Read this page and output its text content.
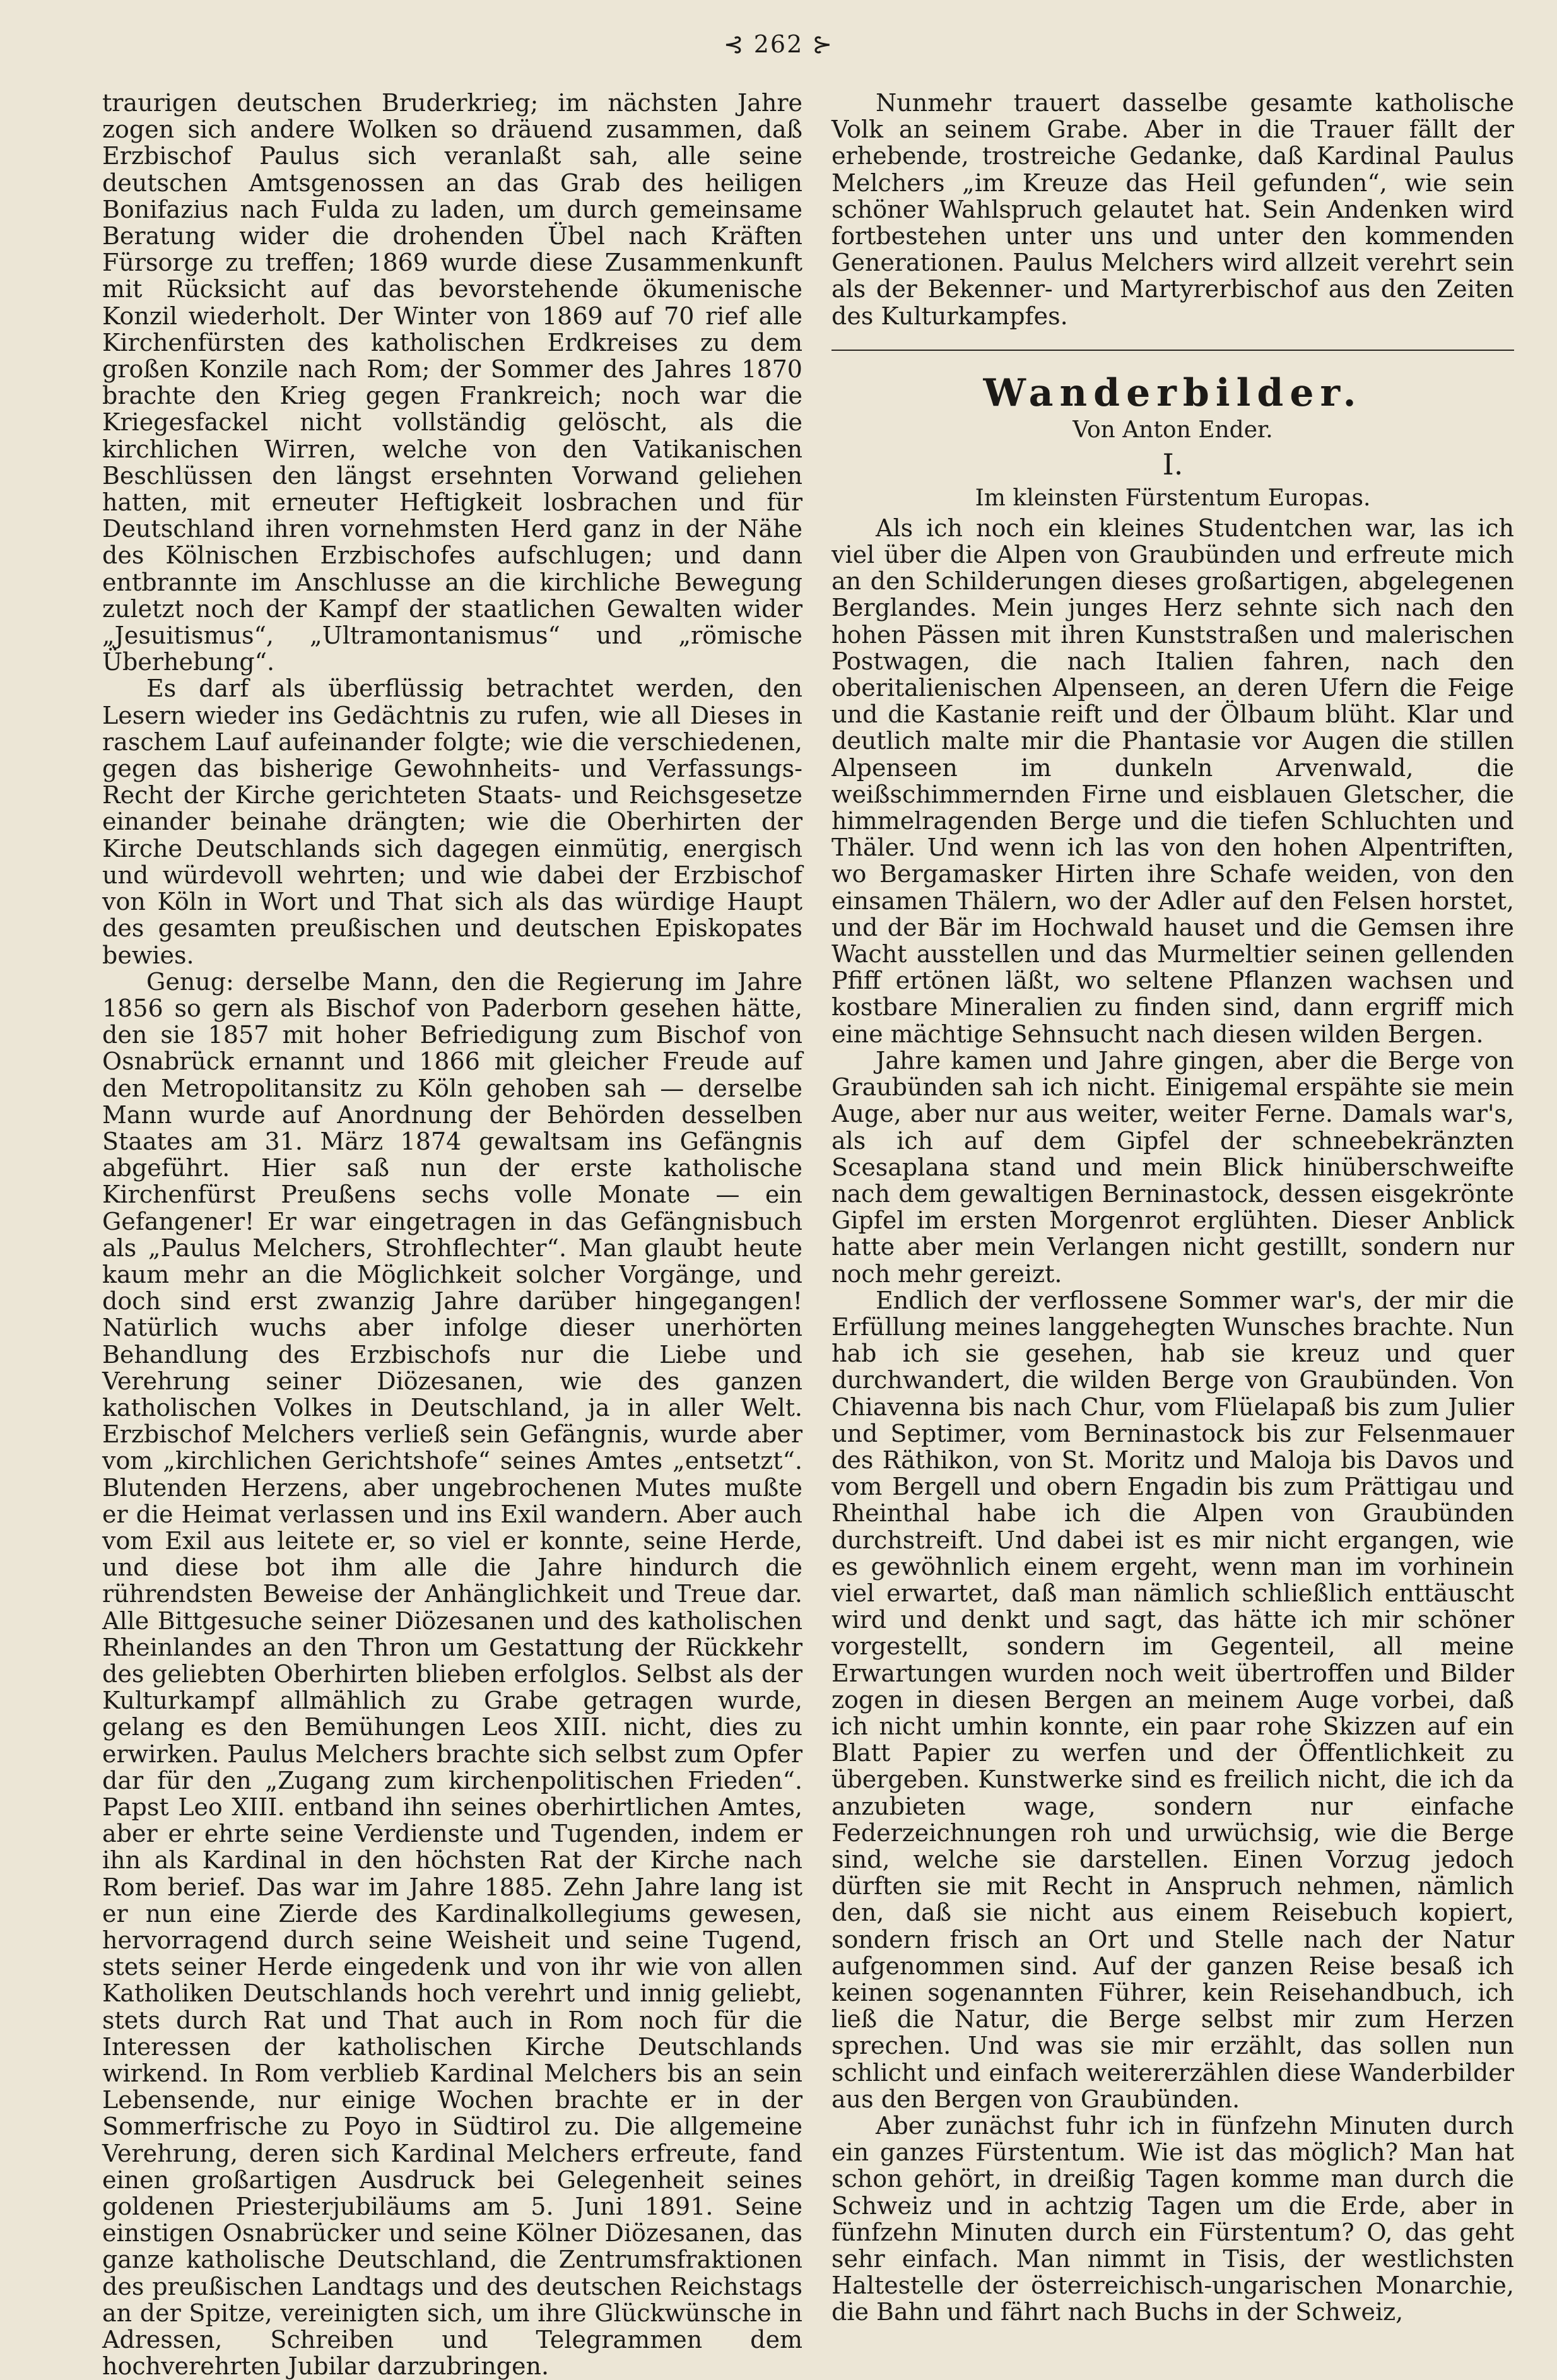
⊰ 262 ⊱

traurigen deutschen Bruderkrieg; im nächsten Jahre zogen sich andere Wolken so dräuend zusammen, daß Erzbischof Paulus sich veranlaßt sah, alle seine deutschen Amtsgenossen an das Grab des heiligen Bonifazius nach Fulda zu laden, um durch gemeinsame Beratung wider die drohenden Übel nach Kräften Fürsorge zu treffen; 1869 wurde diese Zusammenkunft mit Rücksicht auf das bevorstehende ökumenische Konzil wiederholt. Der Winter von 1869 auf 70 rief alle Kirchenfürsten des katholischen Erdkreises zu dem großen Konzile nach Rom; der Sommer des Jahres 1870 brachte den Krieg gegen Frankreich; noch war die Kriegesfackel nicht vollständig gelöscht, als die kirchlichen Wirren, welche von den Vatikanischen Beschlüssen den längst ersehnten Vorwand geliehen hatten, mit erneuter Heftigkeit losbrachen und für Deutschland ihren vornehmsten Herd ganz in der Nähe des Kölnischen Erzbischofes aufschlugen; und dann entbrannte im Anschlusse an die kirchliche Bewegung zuletzt noch der Kampf der staatlichen Gewalten wider „Jesuitismus“, „Ultramontanismus“ und „römische Überhebung“.

Es darf als überflüssig betrachtet werden, den Lesern wieder ins Gedächtnis zu rufen, wie all Dieses in raschem Lauf aufeinander folgte; wie die verschiedenen, gegen das bisherige Gewohnheits- und Verfassungs-Recht der Kirche gerichteten Staats- und Reichsgesetze einander beinahe drängten; wie die Oberhirten der Kirche Deutschlands sich dagegen einmütig, energisch und würdevoll wehrten; und wie dabei der Erzbischof von Köln in Wort und That sich als das würdige Haupt des gesamten preußischen und deutschen Episkopates bewies.

Genug: derselbe Mann, den die Regierung im Jahre 1856 so gern als Bischof von Paderborn gesehen hätte, den sie 1857 mit hoher Befriedigung zum Bischof von Osnabrück ernannt und 1866 mit gleicher Freude auf den Metropolitansitz zu Köln gehoben sah — derselbe Mann wurde auf Anordnung der Behörden desselben Staates am 31. März 1874 gewaltsam ins Gefängnis abgeführt. Hier saß nun der erste katholische Kirchenfürst Preußens sechs volle Monate — ein Gefangener! Er war eingetragen in das Gefängnisbuch als „Paulus Melchers, Strohflechter“. Man glaubt heute kaum mehr an die Möglichkeit solcher Vorgänge, und doch sind erst zwanzig Jahre darüber hingegangen! Natürlich wuchs aber infolge dieser unerhörten Behandlung des Erzbischofs nur die Liebe und Verehrung seiner Diözesanen, wie des ganzen katholischen Volkes in Deutschland, ja in aller Welt. Erzbischof Melchers verließ sein Gefängnis, wurde aber vom „kirchlichen Gerichtshofe“ seines Amtes „entsetzt“. Blutenden Herzens, aber ungebrochenen Mutes mußte er die Heimat verlassen und ins Exil wandern. Aber auch vom Exil aus leitete er, so viel er konnte, seine Herde, und diese bot ihm alle die Jahre hindurch die rührendsten Beweise der Anhänglichkeit und Treue dar. Alle Bittgesuche seiner Diözesanen und des katholischen Rheinlandes an den Thron um Gestattung der Rückkehr des geliebten Oberhirten blieben erfolglos. Selbst als der Kulturkampf allmählich zu Grabe getragen wurde, gelang es den Bemühungen Leos XIII. nicht, dies zu erwirken. Paulus Melchers brachte sich selbst zum Opfer dar für den „Zugang zum kirchenpolitischen Frieden“. Papst Leo XIII. entband ihn seines oberhirtlichen Amtes, aber er ehrte seine Verdienste und Tugenden, indem er ihn als Kardinal in den höchsten Rat der Kirche nach Rom berief. Das war im Jahre 1885. Zehn Jahre lang ist er nun eine Zierde des Kardinalkollegiums gewesen, hervorragend durch seine Weisheit und seine Tugend, stets seiner Herde eingedenk und von ihr wie von allen Katholiken Deutschlands hoch verehrt und innig geliebt, stets durch Rat und That auch in Rom noch für die Interessen der katholischen Kirche Deutschlands wirkend. In Rom verblieb Kardinal Melchers bis an sein Lebensende, nur einige Wochen brachte er in der Sommerfrische zu Poyo in Südtirol zu. Die allgemeine Verehrung, deren sich Kardinal Melchers erfreute, fand einen großartigen Ausdruck bei Gelegenheit seines goldenen Priesterjubiläums am 5. Juni 1891. Seine einstigen Osnabrücker und seine Kölner Diözesanen, das ganze katholische Deutschland, die Zentrumsfraktionen des preußischen Landtags und des deutschen Reichstags an der Spitze, vereinigten sich, um ihre Glückwünsche in Adressen, Schreiben und Telegrammen dem hochverehrten Jubilar darzubringen.

Nunmehr trauert dasselbe gesamte katholische Volk an seinem Grabe. Aber in die Trauer fällt der erhebende, trostreiche Gedanke, daß Kardinal Paulus Melchers „im Kreuze das Heil gefunden“, wie sein schöner Wahlspruch gelautet hat. Sein Andenken wird fortbestehen unter uns und unter den kommenden Generationen. Paulus Melchers wird allzeit verehrt sein als der Bekenner- und Martyrerbischof aus den Zeiten des Kulturkampfes.

Wanderbilder.
Von Anton Ender.
I.
Im kleinsten Fürstentum Europas.

Als ich noch ein kleines Studentchen war, las ich viel über die Alpen von Graubünden und erfreute mich an den Schilderungen dieses großartigen, abgelegenen Berglandes. Mein junges Herz sehnte sich nach den hohen Pässen mit ihren Kunststraßen und malerischen Postwagen, die nach Italien fahren, nach den oberitalienischen Alpenseen, an deren Ufern die Feige und die Kastanie reift und der Ölbaum blüht. Klar und deutlich malte mir die Phantasie vor Augen die stillen Alpenseen im dunkeln Arvenwald, die weißschimmernden Firne und eisblauen Gletscher, die himmelragenden Berge und die tiefen Schluchten und Thäler. Und wenn ich las von den hohen Alpentriften, wo Bergamasker Hirten ihre Schafe weiden, von den einsamen Thälern, wo der Adler auf den Felsen horstet, und der Bär im Hochwald hauset und die Gemsen ihre Wacht ausstellen und das Murmeltier seinen gellenden Pfiff ertönen läßt, wo seltene Pflanzen wachsen und kostbare Mineralien zu finden sind, dann ergriff mich eine mächtige Sehnsucht nach diesen wilden Bergen.

Jahre kamen und Jahre gingen, aber die Berge von Graubünden sah ich nicht. Einigemal erspähte sie mein Auge, aber nur aus weiter, weiter Ferne. Damals war's, als ich auf dem Gipfel der schneebekränzten Scesaplana stand und mein Blick hinüberschweifte nach dem gewaltigen Berninastock, dessen eisgekrönte Gipfel im ersten Morgenrot erglühten. Dieser Anblick hatte aber mein Verlangen nicht gestillt, sondern nur noch mehr gereizt.

Endlich der verflossene Sommer war's, der mir die Erfüllung meines langgehegten Wunsches brachte. Nun hab ich sie gesehen, hab sie kreuz und quer durchwandert, die wilden Berge von Graubünden. Von Chiavenna bis nach Chur, vom Flüelapaß bis zum Julier und Septimer, vom Berninastock bis zur Felsenmauer des Räthikon, von St. Moritz und Maloja bis Davos und vom Bergell und obern Engadin bis zum Prättigau und Rheinthal habe ich die Alpen von Graubünden durchstreift. Und dabei ist es mir nicht ergangen, wie es gewöhnlich einem ergeht, wenn man im vorhinein viel erwartet, daß man nämlich schließlich enttäuscht wird und denkt und sagt, das hätte ich mir schöner vorgestellt, sondern im Gegenteil, all meine Erwartungen wurden noch weit übertroffen und Bilder zogen in diesen Bergen an meinem Auge vorbei, daß ich nicht umhin konnte, ein paar rohe Skizzen auf ein Blatt Papier zu werfen und der Öffentlichkeit zu übergeben. Kunstwerke sind es freilich nicht, die ich da anzubieten wage, sondern nur einfache Federzeichnungen roh und urwüchsig, wie die Berge sind, welche sie darstellen. Einen Vorzug jedoch dürften sie mit Recht in Anspruch nehmen, nämlich den, daß sie nicht aus einem Reisebuch kopiert, sondern frisch an Ort und Stelle nach der Natur aufgenommen sind. Auf der ganzen Reise besaß ich keinen sogenannten Führer, kein Reisehandbuch, ich ließ die Natur, die Berge selbst mir zum Herzen sprechen. Und was sie mir erzählt, das sollen nun schlicht und einfach weitererzählen diese Wanderbilder aus den Bergen von Graubünden.

Aber zunächst fuhr ich in fünfzehn Minuten durch ein ganzes Fürstentum. Wie ist das möglich? Man hat schon gehört, in dreißig Tagen komme man durch die Schweiz und in achtzig Tagen um die Erde, aber in fünfzehn Minuten durch ein Fürstentum? O, das geht sehr einfach. Man nimmt in Tisis, der westlichsten Haltestelle der österreichisch-ungarischen Monarchie, die Bahn und fährt nach Buchs in der Schweiz,
